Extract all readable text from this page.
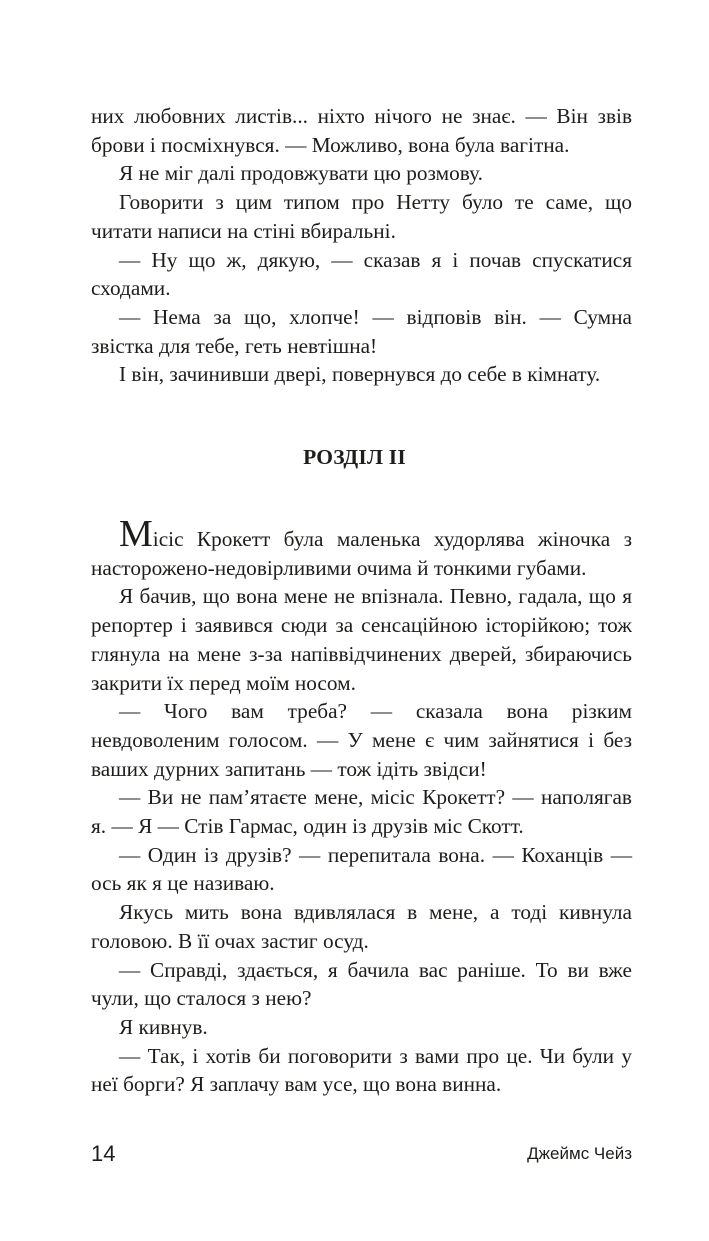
них любовних листів... ніхто нічого не знає. — Він звів брови і посміхнувся. — Можливо, вона була вагітна.

Я не міг далі продовжувати цю розмову.

Говорити з цим типом про Нетту було те саме, що читати написи на стіні вбиральні.

— Ну що ж, дякую, — сказав я і почав спускатися сходами.

— Нема за що, хлопче! — відповів він. — Сумна звістка для тебе, геть невтішна!

І він, зачинивши двері, повернувся до себе в кімнату.

РОЗДІЛ ІІ

Місіс Крокетт була маленька худорлява жіночка з насторожено-недовірливими очима й тонкими губами.

Я бачив, що вона мене не впізнала. Певно, гадала, що я репортер і заявився сюди за сенсаційною історійкою; тож глянула на мене з-за напіввідчинених дверей, збираючись закрити їх перед моїм носом.

— Чого вам треба? — сказала вона різким невдоволеним голосом. — У мене є чим зайнятися і без ваших дурних запитань — тож ідіть звідси!

— Ви не пам’ятаєте мене, місіс Крокетт? — наполягав я. — Я — Стів Гармас, один із друзів міс Скотт.

— Один із друзів? — перепитала вона. — Коханців — ось як я це називаю.

Якусь мить вона вдивлялася в мене, а тоді кивнула головою. В її очах застиг осуд.

— Справді, здається, я бачила вас раніше. То ви вже чули, що сталося з нею?

Я кивнув.

— Так, і хотів би поговорити з вами про це. Чи були у неї борги? Я заплачу вам усе, що вона винна.

14	Джеймс Чейз
